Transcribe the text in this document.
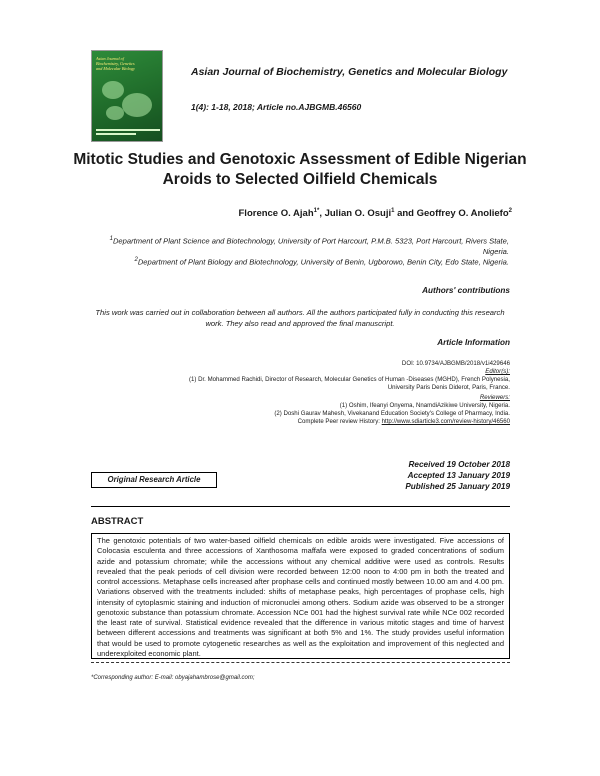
Asian Journal of
Biochemistry, Genetics
and Molecular Biology	Asian Journal of Biochemistry, Genetics and Molecular Biology
1(4): 1-18, 2018; Article no.AJBGMB.46560
Mitotic Studies and Genotoxic Assessment of Edible Nigerian Aroids to Selected Oilfield Chemicals
Florence O. Ajah$^{1*}$, Julian O. Osuji$^1$ and Geoffrey O. Anoliefo$^2$
$^1$Department of Plant Science and Biotechnology, University of Port Harcourt, P.M.B. 5323, Port Harcourt, Rivers State, Nigeria.
$^2$Department of Plant Biology and Biotechnology, University of Benin, Ugborowo, Benin City, Edo State, Nigeria.
Authors' contributions
This work was carried out in collaboration between all authors. All the authors participated fully in conducting this research work. They also read and approved the final manuscript.
Article Information
DOI: 10.9734/AJBGMB/2018/v1i429646
Editor(s):
(1) Dr. Mohammed Rachidi, Director of Research, Molecular Genetics of Human -Diseases (MGHD), French Polynesia,
University Paris Denis Diderot, Paris, France.
Reviewers:
(1) Oshim, Ifeanyi Onyema, NnamdiAzikiwe University, Nigeria.
(2) Doshi Gaurav Mahesh, Vivekanand Education Society's College of Pharmacy, India.
Complete Peer review History: http://www.sdiarticle3.com/review-history/46560
Original Research Article
Received 19 October 2018
Accepted 13 January 2019
Published 25 January 2019
ABSTRACT

The genotoxic potentials of two water-based oilfield chemicals on edible aroids were investigated. Five accessions of Colocasia esculenta and three accessions of Xanthosoma maffafa were exposed to graded concentrations of sodium azide and potassium chromate; while the accessions without any chemical additive were used as controls. Results revealed that the peak periods of cell division were recorded between 12:00 noon to 4:00 pm in both the treated and control accessions. Metaphase cells increased after prophase cells and continued mostly between 10.00 am and 4.00 pm. Variations observed with the treatments included: shifts of metaphase peaks, high percentages of prophase cells, high intensity of cytoplasmic staining and induction of micronuclei among others. Sodium azide was observed to be a stronger genotoxic substance than potassium chromate. Accession NCe 001 had the highest survival rate while NCe 002 recorded the least rate of survival. Statistical evidence revealed that the difference in various mitotic stages and time of harvest between different accessions and treatments was significant at both 5% and 1%. The study provides useful information that would be used to promote cytogenetic researches as well as the exploitation and improvement of this neglected and underexploited economic plant.

*Corresponding author: E-mail: obyajahambrose@gmail.com;
